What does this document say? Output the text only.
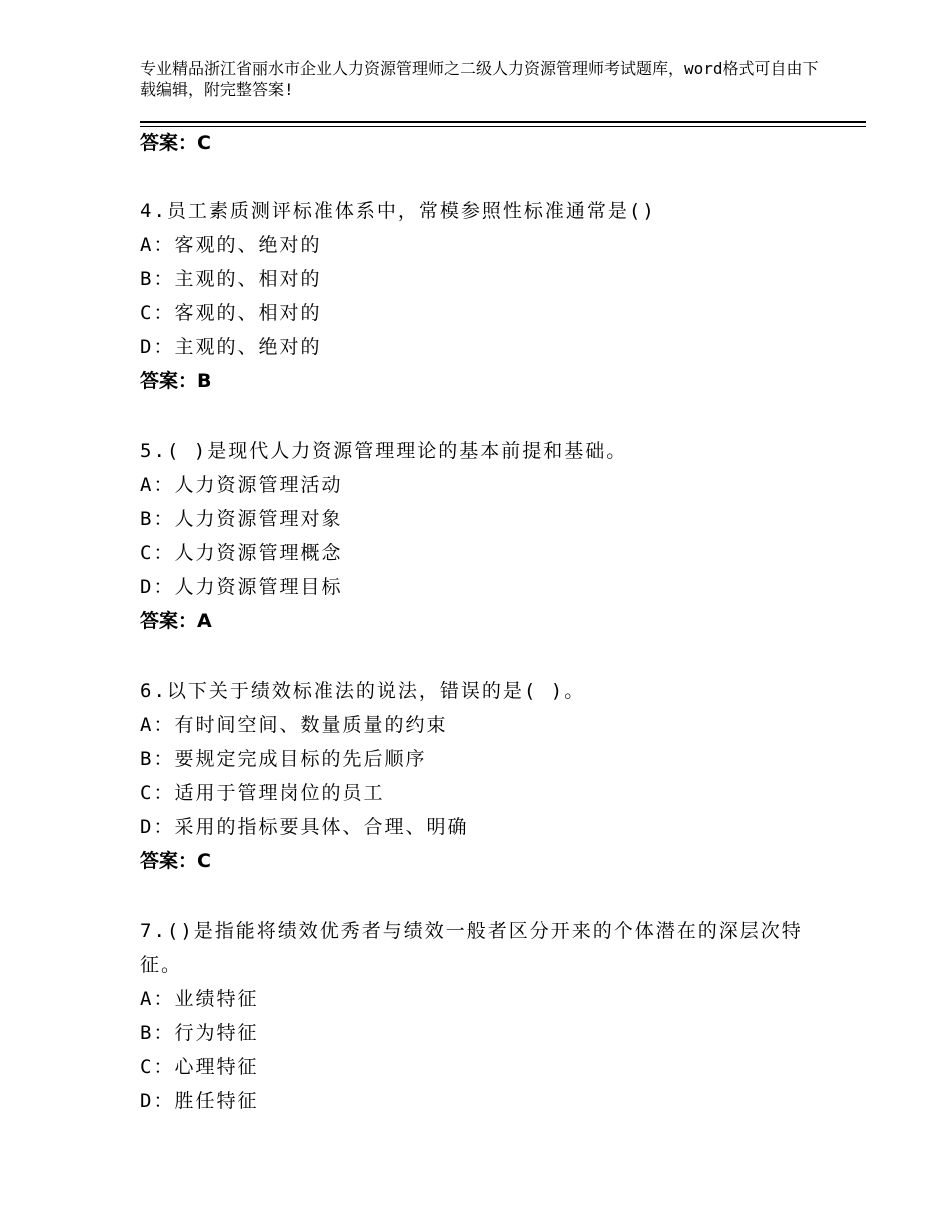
专业精品浙江省丽水市企业人力资源管理师之二级人力资源管理师考试题库，word格式可自由下载编辑，附完整答案!
答案：C
4.员工素质测评标准体系中，常模参照性标准通常是()
A：客观的、绝对的
B：主观的、相对的
C：客观的、相对的
D：主观的、绝对的
答案：B
5.( )是现代人力资源管理理论的基本前提和基础。
A：人力资源管理活动
B：人力资源管理对象
C：人力资源管理概念
D：人力资源管理目标
答案：A
6.以下关于绩效标准法的说法，错误的是( )。
A：有时间空间、数量质量的约束
B：要规定完成目标的先后顺序
C：适用于管理岗位的员工
D：采用的指标要具体、合理、明确
答案：C
7.()是指能将绩效优秀者与绩效一般者区分开来的个体潜在的深层次特征。
A：业绩特征
B：行为特征
C：心理特征
D：胜任特征
